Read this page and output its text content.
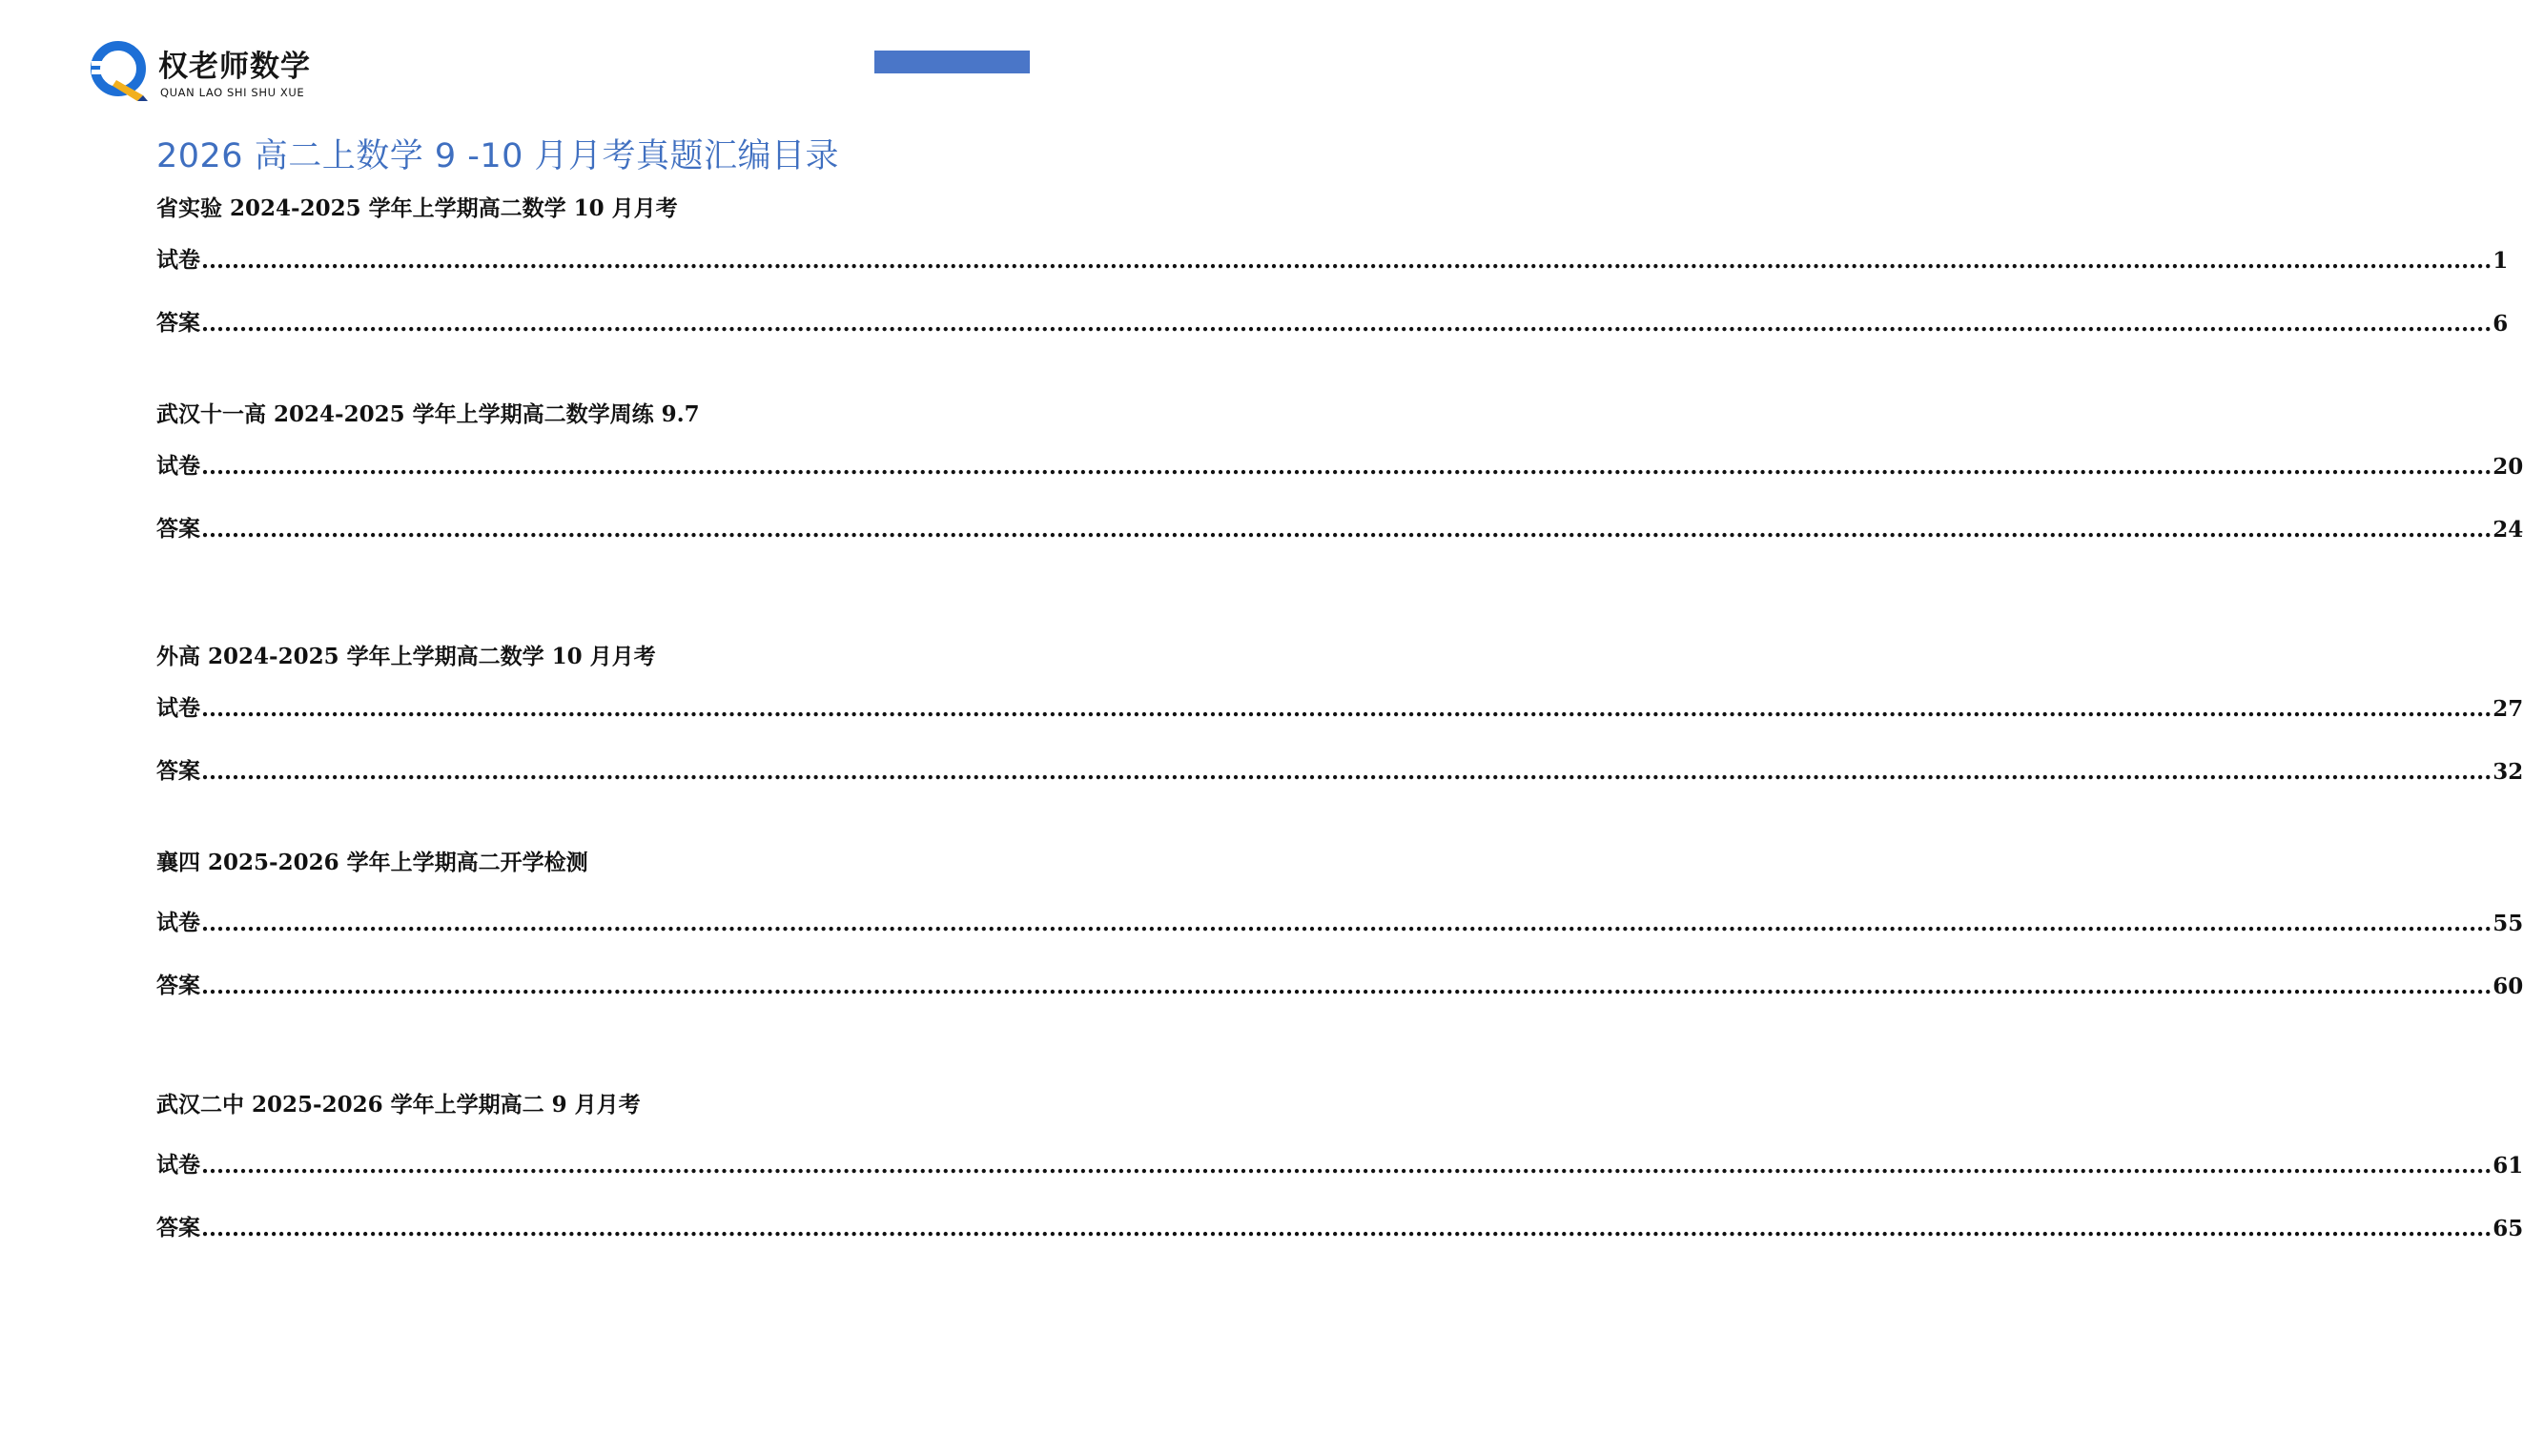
权老师数学
QUAN LAO SHI SHU XUE
2026 高二上数学 9 -10 月月考真题汇编目录
省实验 2024-2025 学年上学期高二数学 10 月月考
试卷 ............................................................................................................................................................................................................................................................................................................ 1
答案 ............................................................................................................................................................................................................................................................................................................ 6
武汉十一高 2024-2025 学年上学期高二数学周练 9.7
试卷 ............................................................................................................................................................................................................................................................................................................ 20
答案 ............................................................................................................................................................................................................................................................................................................ 24
外高 2024-2025 学年上学期高二数学 10 月月考
试卷 ............................................................................................................................................................................................................................................................................................................ 27
答案 ............................................................................................................................................................................................................................................................................................................ 32
襄四 2025-2026 学年上学期高二开学检测
试卷 ............................................................................................................................................................................................................................................................................................................ 55
答案 ............................................................................................................................................................................................................................................................................................................ 60
武汉二中 2025-2026 学年上学期高二 9 月月考
试卷 ............................................................................................................................................................................................................................................................................................................ 61
答案 ............................................................................................................................................................................................................................................................................................................ 65
